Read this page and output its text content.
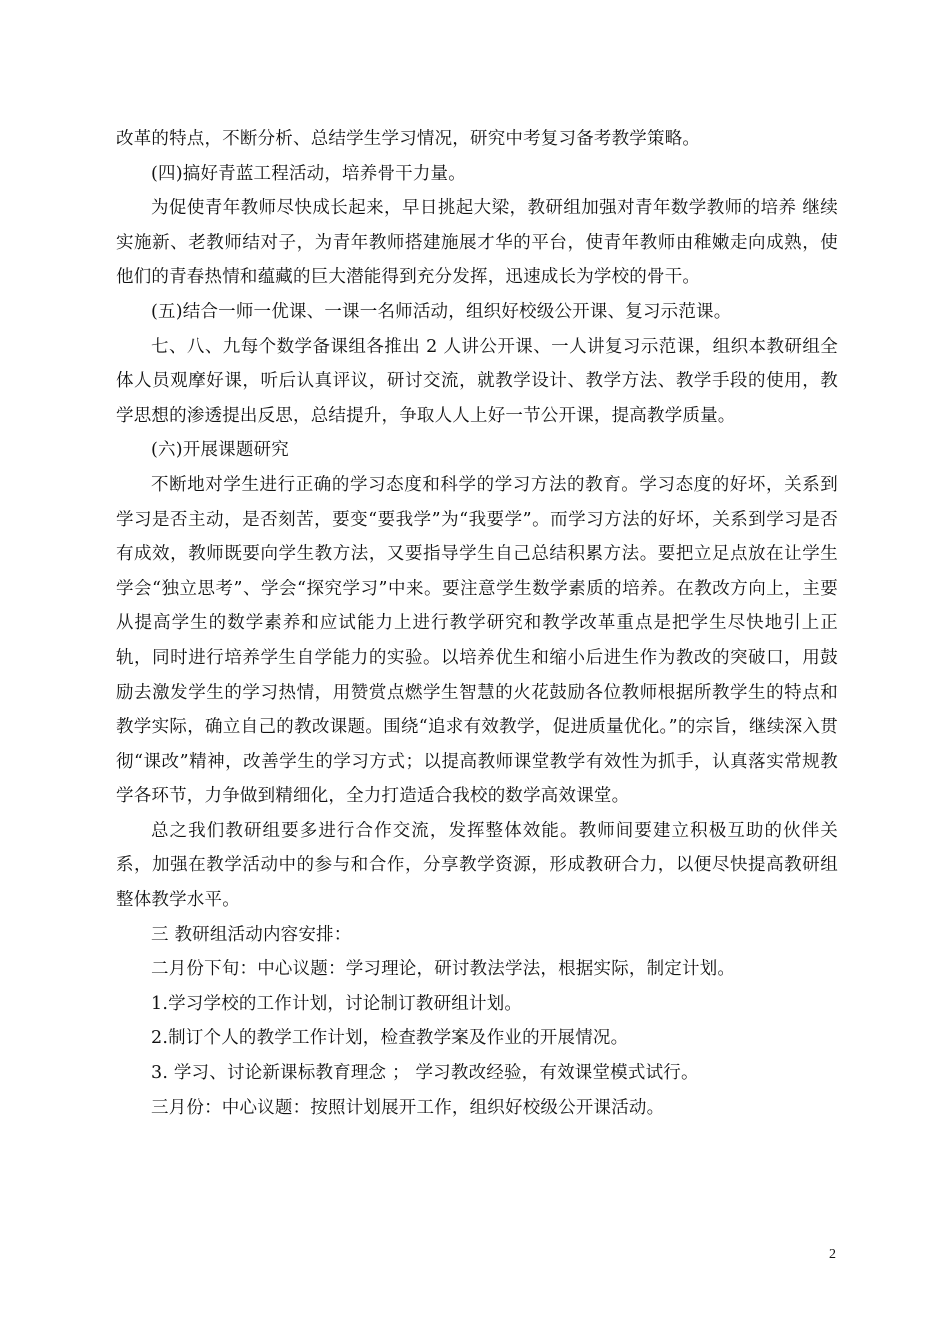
改革的特点，不断分析、总结学生学习情况，研究中考复习备考教学策略。

(四)搞好青蓝工程活动，培养骨干力量。

为促使青年教师尽快成长起来，早日挑起大梁，教研组加强对青年数学教师的培养 继续实施新、老教师结对子，为青年教师搭建施展才华的平台，使青年教师由稚嫩走向成熟，使他们的青春热情和蕴藏的巨大潜能得到充分发挥，迅速成长为学校的骨干。

(五)结合一师一优课、一课一名师活动，组织好校级公开课、复习示范课。

七、八、九每个数学备课组各推出 2 人讲公开课、一人讲复习示范课，组织本教研组全体人员观摩好课，听后认真评议，研讨交流，就教学设计、教学方法、教学手段的使用，教学思想的渗透提出反思，总结提升，争取人人上好一节公开课，提高教学质量。

(六)开展课题研究

不断地对学生进行正确的学习态度和科学的学习方法的教育。学习态度的好坏，关系到学习是否主动，是否刻苦，要变“要我学”为“我要学”。而学习方法的好坏，关系到学习是否有成效，教师既要向学生教方法，又要指导学生自己总结积累方法。要把立足点放在让学生学会“独立思考”、学会“探究学习”中来。要注意学生数学素质的培养。在教改方向上，主要从提高学生的数学素养和应试能力上进行教学研究和教学改革重点是把学生尽快地引上正轨，同时进行培养学生自学能力的实验。以培养优生和缩小后进生作为教改的突破口，用鼓励去激发学生的学习热情，用赞赏点燃学生智慧的火花鼓励各位教师根据所教学生的特点和教学实际，确立自己的教改课题。围绕“追求有效教学，促进质量优化。”的宗旨，继续深入贯彻“课改”精神，改善学生的学习方式；以提高教师课堂教学有效性为抓手，认真落实常规教学各环节，力争做到精细化，全力打造适合我校的数学高效课堂。

总之我们教研组要多进行合作交流，发挥整体效能。教师间要建立积极互助的伙伴关系，加强在教学活动中的参与和合作，分享教学资源，形成教研合力，以便尽快提高教研组整体教学水平。

三 教研组活动内容安排：

二月份下旬：中心议题：学习理论，研讨教法学法，根据实际，制定计划。

1.学习学校的工作计划，讨论制订教研组计划。

2.制订个人的教学工作计划，检查教学案及作业的开展情况。

3. 学习、讨论新课标教育理念 ； 学习教改经验，有效课堂模式试行。

三月份：中心议题：按照计划展开工作，组织好校级公开课活动。

2
